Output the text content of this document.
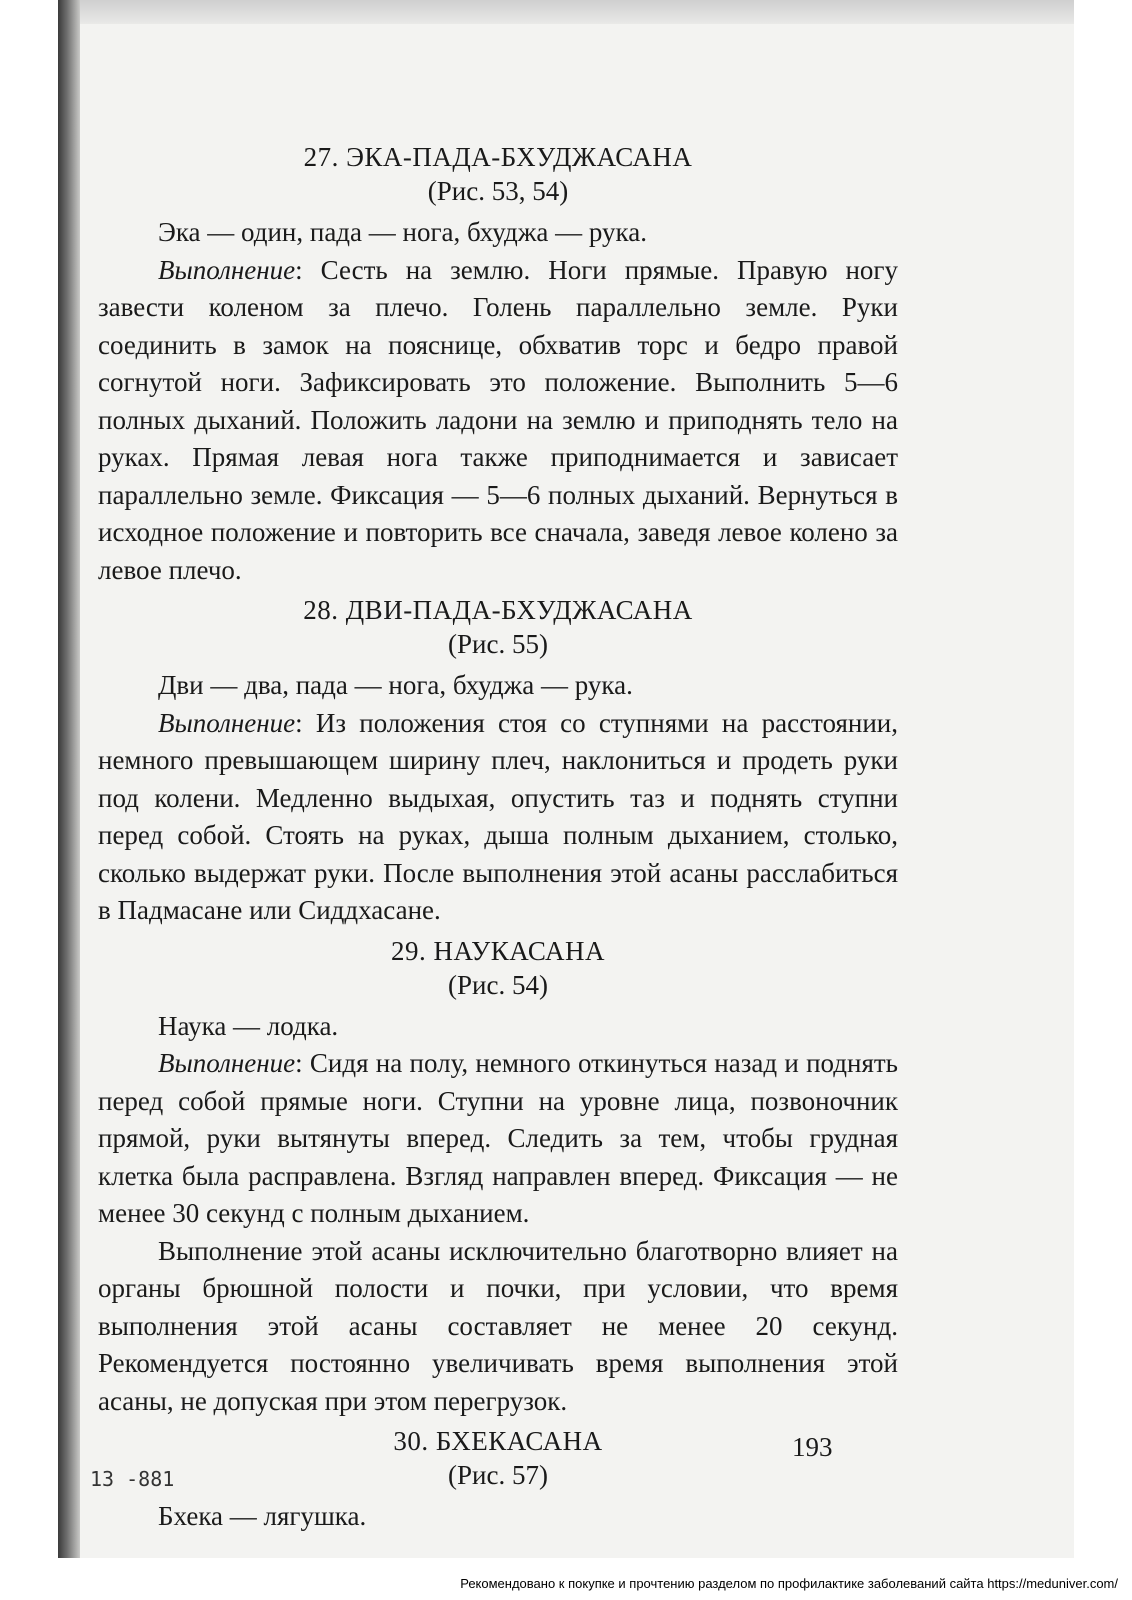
27. ЭКА-ПАДА-БХУДЖАСАНА

(Рис. 53, 54)

Эка — один, пада — нога, бхуджа — рука.

Выполнение: Сесть на землю. Ноги прямые. Правую ногу завести коленом за плечо. Голень параллельно земле. Руки соединить в замок на пояснице, обхватив торс и бедро правой согнутой ноги. Зафиксировать это положение. Выполнить 5—6 полных дыханий. Положить ладони на землю и приподнять тело на руках. Прямая левая нога также приподнимается и зависает параллельно земле. Фиксация — 5—6 полных дыханий. Вернуться в исходное положение и повторить все сначала, заведя левое колено за левое плечо.

28. ДВИ-ПАДА-БХУДЖАСАНА

(Рис. 55)

Дви — два, пада — нога, бхуджа — рука.

Выполнение: Из положения стоя со ступнями на расстоянии, немного превышающем ширину плеч, наклониться и продеть руки под колени. Медленно выдыхая, опустить таз и поднять ступни перед собой. Стоять на руках, дыша полным дыханием, столько, сколько выдержат руки. После выполнения этой асаны расслабиться в Падмасане или Сиддхасане.

29. НАУКАСАНА

(Рис. 54)

Наука — лодка.

Выполнение: Сидя на полу, немного откинуться назад и поднять перед собой прямые ноги. Ступни на уровне лица, позвоночник прямой, руки вытянуты вперед. Следить за тем, чтобы грудная клетка была расправлена. Взгляд направлен вперед. Фиксация — не менее 30 секунд с полным дыханием.

Выполнение этой асаны исключительно благотворно влияет на органы брюшной полости и почки, при условии, что время выполнения этой асаны составляет не менее 20 секунд. Рекомендуется постоянно увеличивать время выполнения этой асаны, не допуская при этом перегрузок.

30. БХЕКАСАНА

(Рис. 57)

Бхека — лягушка.

193
13 -881
Рекомендовано к покупке и прочтению разделом по профилактике заболеваний сайта https://meduniver.com/
